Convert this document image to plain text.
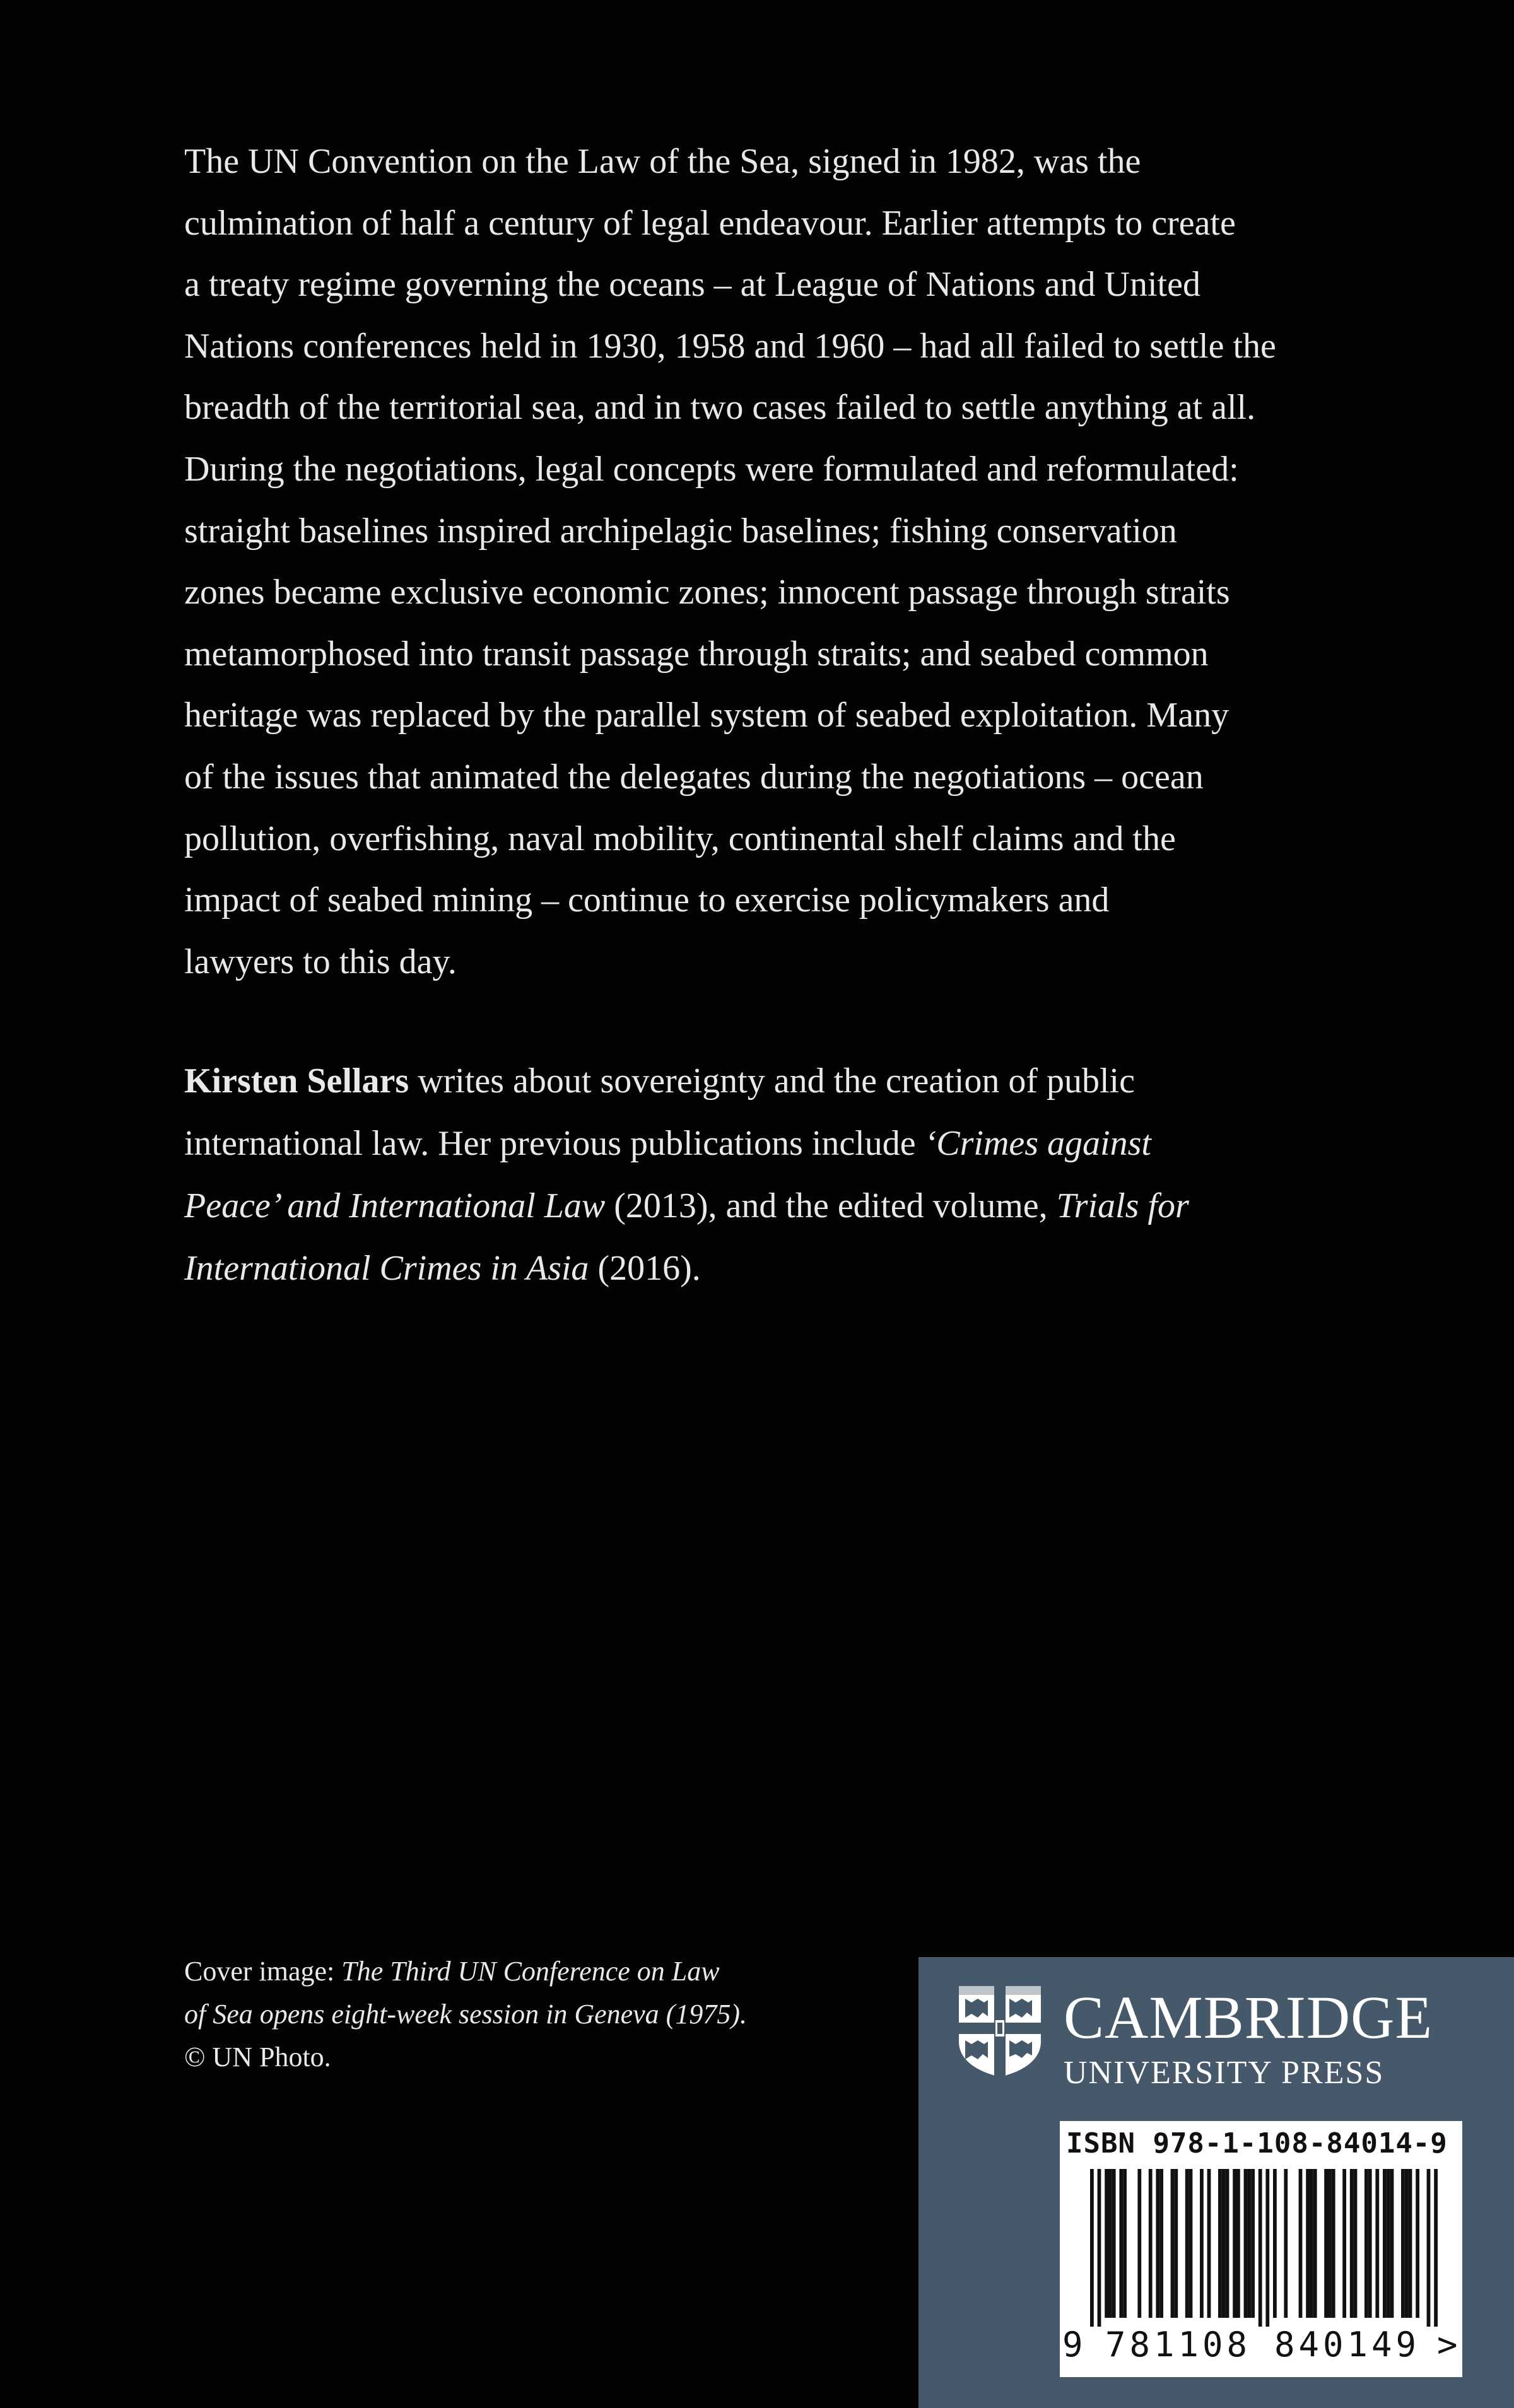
The UN Convention on the Law of the Sea, signed in 1982, was the
culmination of half a century of legal endeavour. Earlier attempts to create
a treaty regime governing the oceans – at League of Nations and United
Nations conferences held in 1930, 1958 and 1960 – had all failed to settle the
breadth of the territorial sea, and in two cases failed to settle anything at all.
During the negotiations, legal concepts were formulated and reformulated:
straight baselines inspired archipelagic baselines; fishing conservation
zones became exclusive economic zones; innocent passage through straits
metamorphosed into transit passage through straits; and seabed common
heritage was replaced by the parallel system of seabed exploitation. Many
of the issues that animated the delegates during the negotiations – ocean
pollution, overfishing, naval mobility, continental shelf claims and the
impact of seabed mining – continue to exercise policymakers and
lawyers to this day.

Kirsten Sellars writes about sovereignty and the creation of public
international law. Her previous publications include ‘Crimes against
Peace’ and International Law (2013), and the edited volume, Trials for
International Crimes in Asia (2016).
Cover image: The Third UN Conference on Law
of Sea opens eight-week session in Geneva (1975).
© UN Photo.
CAMBRIDGE
UNIVERSITY PRESS
ISBN 978-1-108-84014-9
9 781108 840149 >
